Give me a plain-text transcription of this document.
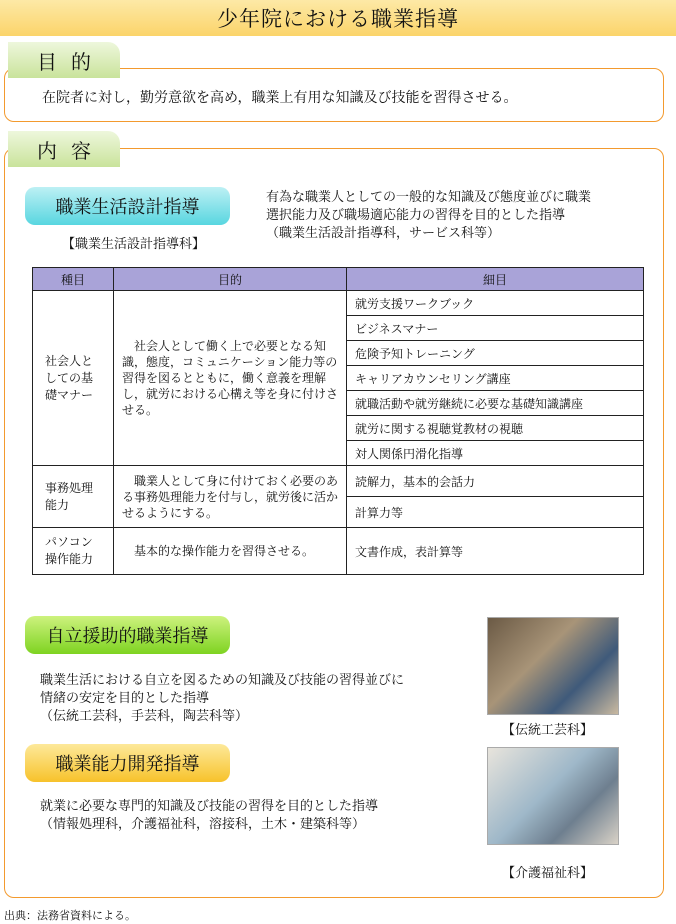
少年院における職業指導
目的
在院者に対し，勤労意欲を高め，職業上有用な知識及び技能を習得させる。
内容
職業生活設計指導	有為な職業人としての一般的な知識及び態度並びに職業
選択能力及び職場適応能力の習得を目的とした指導
（職業生活設計指導科，サービス科等）
【職業生活設計指導科】
種目	目的	細目

社会人としての基礎マナー	社会人として働く上で必要となる知識，態度，コミュニケーション能力等の習得を図るとともに，働く意義を理解し，就労における心構え等を身に付けさせる。	就労支援ワークブック
		ビジネスマナー
		危険予知トレーニング
		キャリアカウンセリング講座
		就職活動や就労継続に必要な基礎知識講座
		就労に関する視聴覚教材の視聴
		対人関係円滑化指導

事務処理能力	職業人として身に付けておく必要のある事務処理能力を付与し，就労後に活かせるようにする。	読解力，基本的会話力
		計算力等

パソコン操作能力	基本的な操作能力を習得させる。	文書作成，表計算等
自立援助的職業指導
職業生活における自立を図るための知識及び技能の習得並びに
情緒の安定を目的とした指導
（伝統工芸科，手芸科，陶芸科等）
【伝統工芸科】
職業能力開発指導
就業に必要な専門的知識及び技能の習得を目的とした指導
（情報処理科，介護福祉科，溶接科，土木・建築科等）
【介護福祉科】
出典：法務省資料による。
